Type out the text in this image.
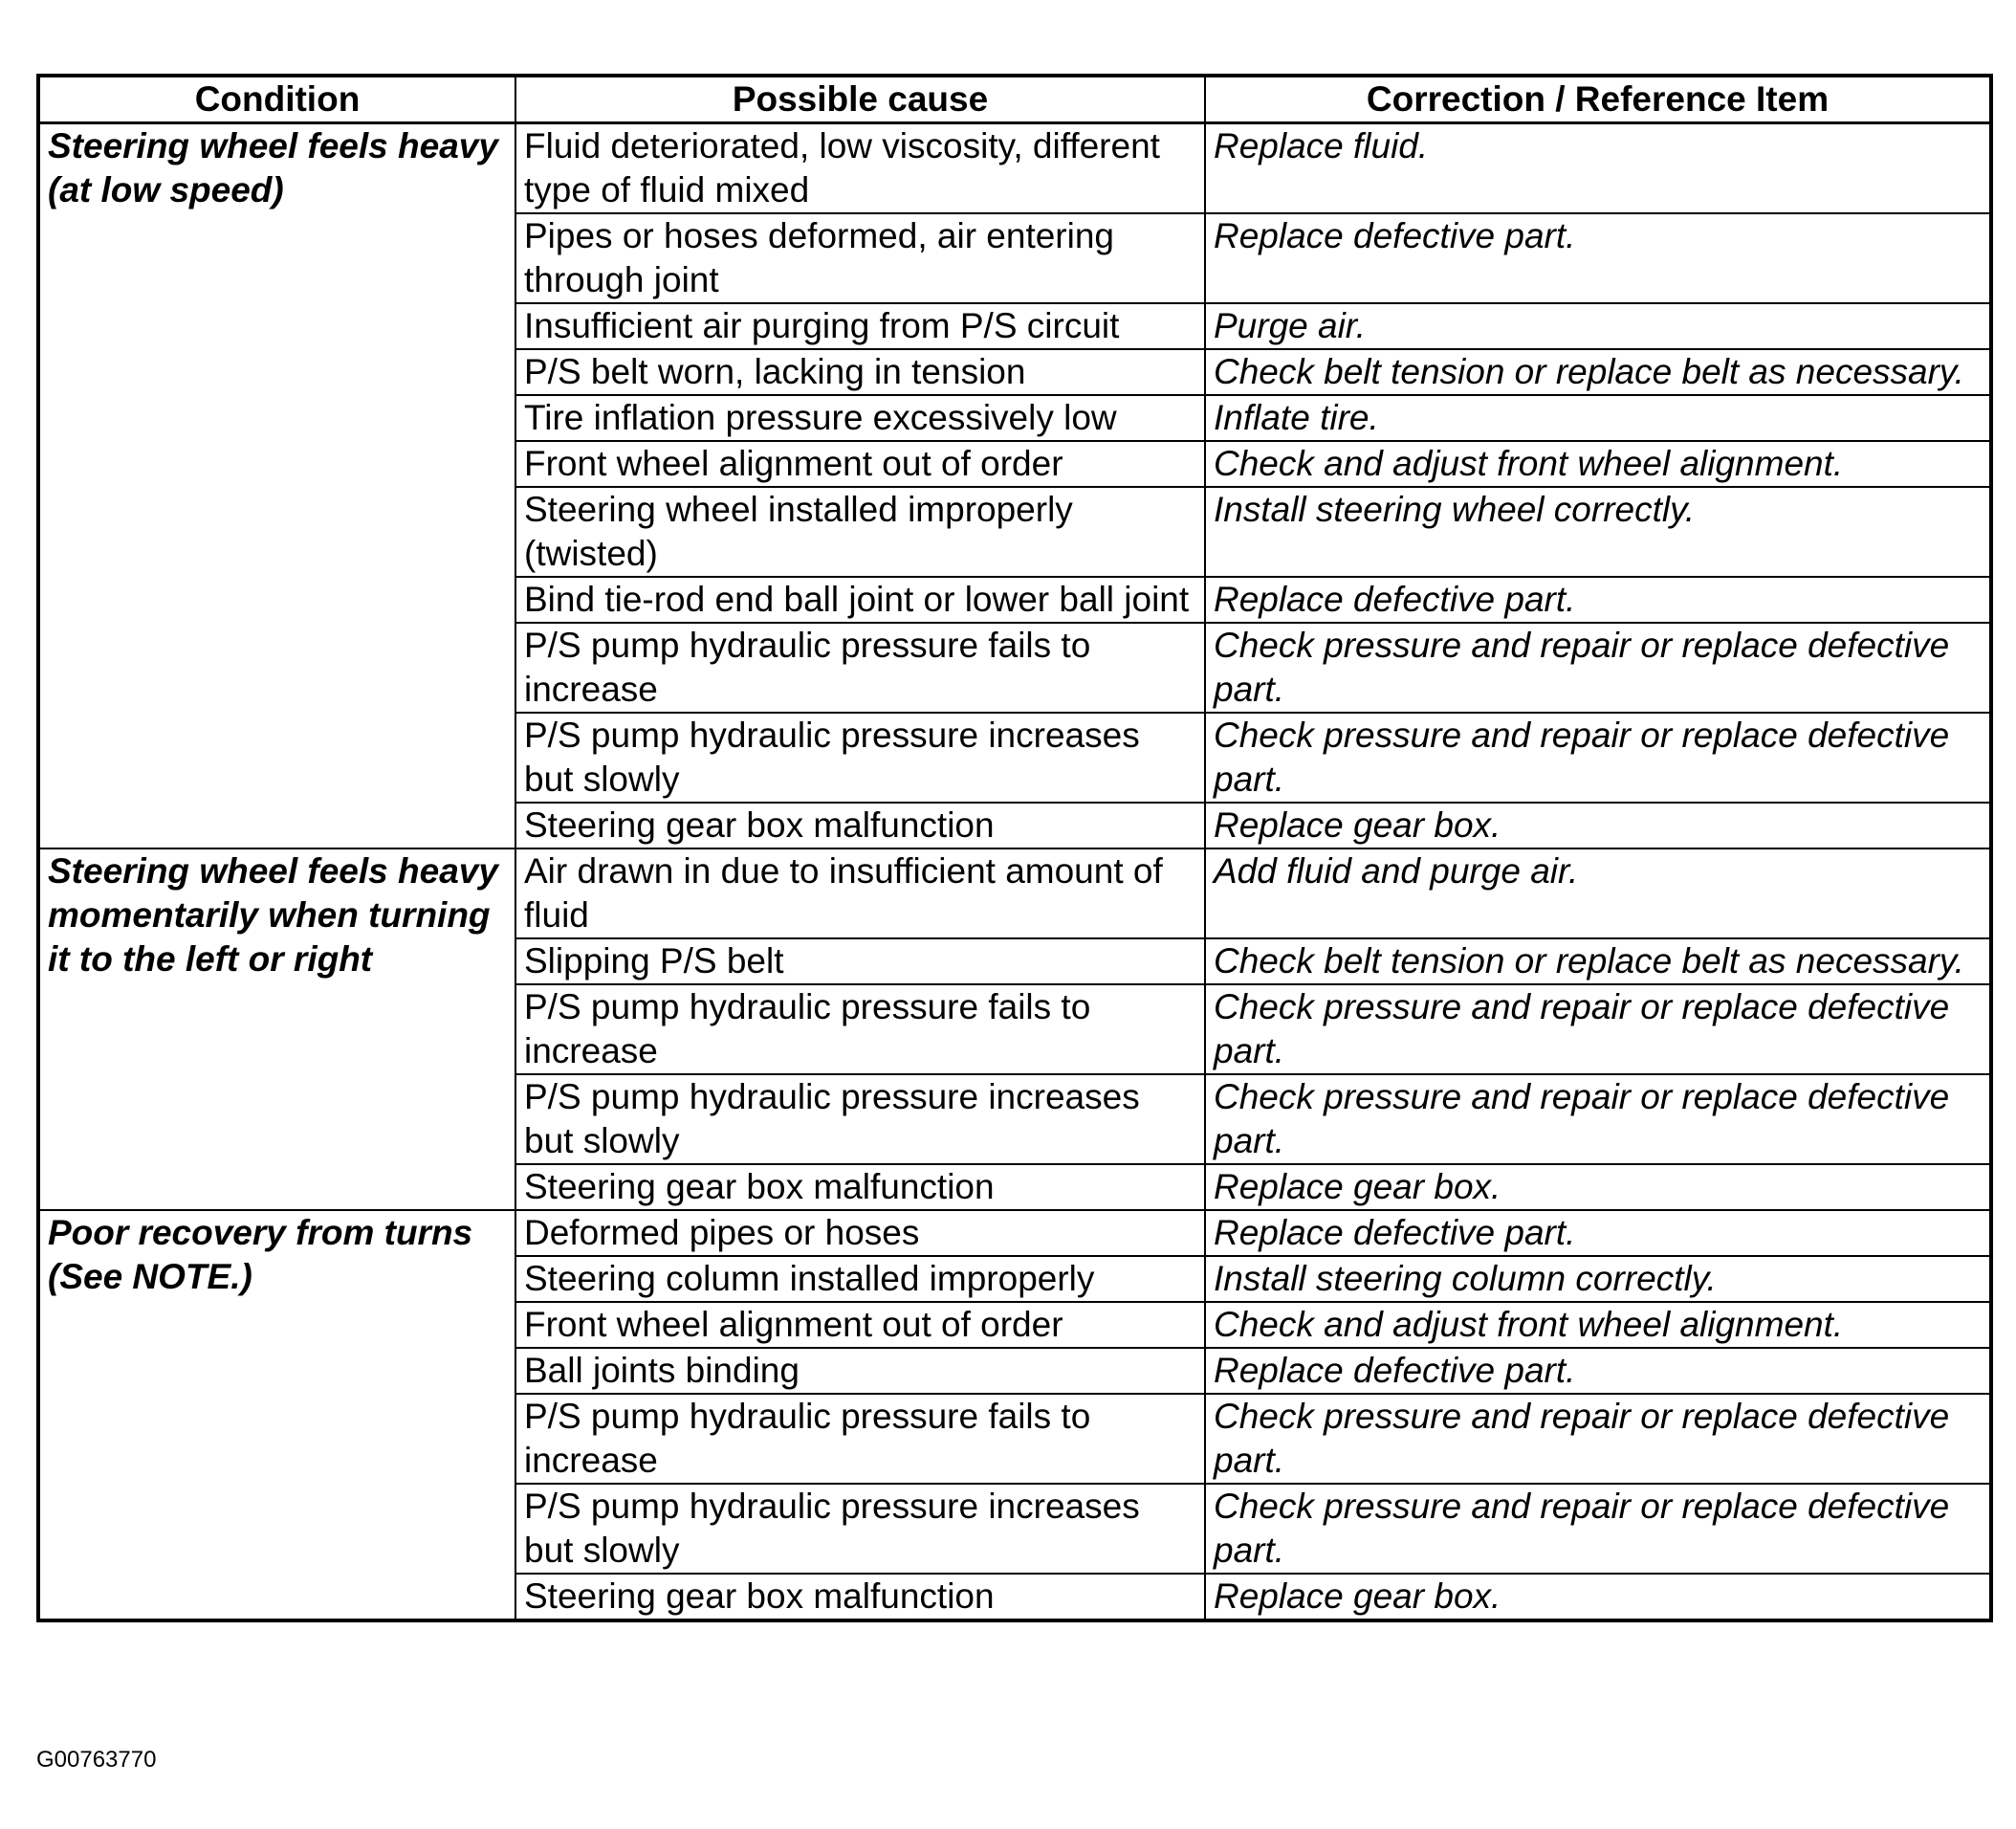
Condition	Possible cause	Correction / Reference Item
Steering wheel feels heavy (at low speed)	Fluid deteriorated, low viscosity, different type of fluid mixed	Replace fluid.
	Pipes or hoses deformed, air entering through joint	Replace defective part.
	Insufficient air purging from P/S circuit	Purge air.
	P/S belt worn, lacking in tension	Check belt tension or replace belt as necessary.
	Tire inflation pressure excessively low	Inflate tire.
	Front wheel alignment out of order	Check and adjust front wheel alignment.
	Steering wheel installed improperly (twisted)	Install steering wheel correctly.
	Bind tie-rod end ball joint or lower ball joint	Replace defective part.
	P/S pump hydraulic pressure fails to increase	Check pressure and repair or replace defective part.
	P/S pump hydraulic pressure increases but slowly	Check pressure and repair or replace defective part.
	Steering gear box malfunction	Replace gear box.
Steering wheel feels heavy momentarily when turning it to the left or right	Air drawn in due to insufficient amount of fluid	Add fluid and purge air.
	Slipping P/S belt	Check belt tension or replace belt as necessary.
	P/S pump hydraulic pressure fails to increase	Check pressure and repair or replace defective part.
	P/S pump hydraulic pressure increases but slowly	Check pressure and repair or replace defective part.
	Steering gear box malfunction	Replace gear box.
Poor recovery from turns (See NOTE.)	Deformed pipes or hoses	Replace defective part.
	Steering column installed improperly	Install steering column correctly.
	Front wheel alignment out of order	Check and adjust front wheel alignment.
	Ball joints binding	Replace defective part.
	P/S pump hydraulic pressure fails to increase	Check pressure and repair or replace defective part.
	P/S pump hydraulic pressure increases but slowly	Check pressure and repair or replace defective part.
	Steering gear box malfunction	Replace gear box.
G00763770
